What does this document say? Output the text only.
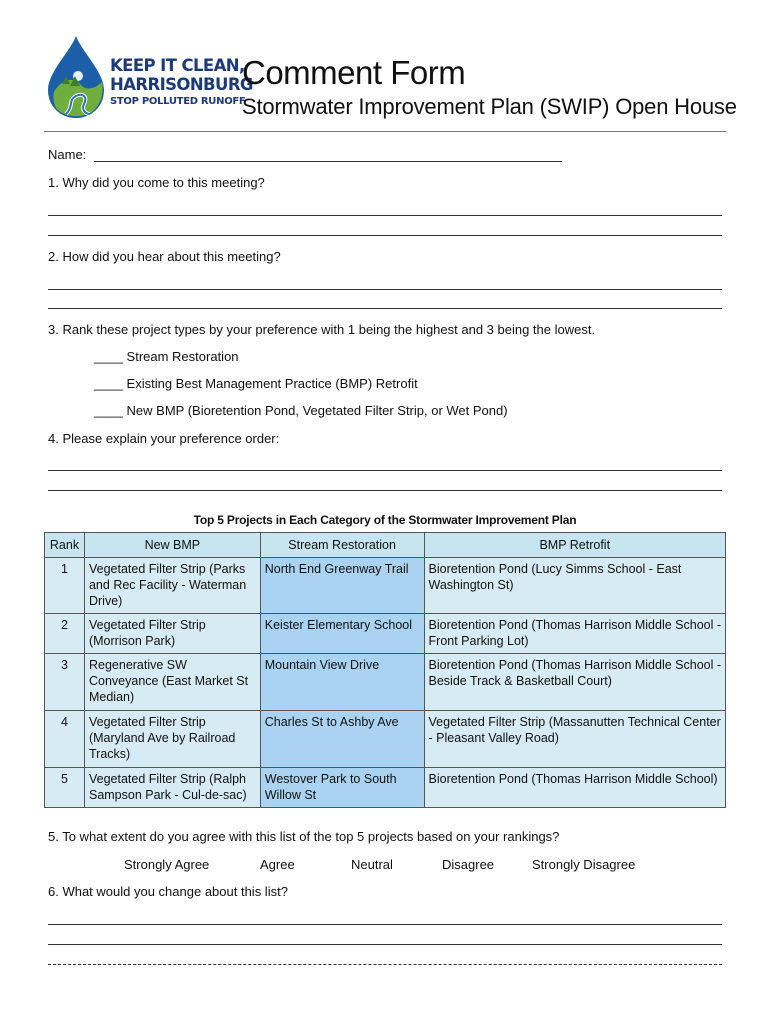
KEEP IT CLEAN,
HARRISONBURG
STOP POLLUTED RUNOFF
Comment Form
Stormwater Improvement Plan (SWIP) Open House
Name:
1. Why did you come to this meeting?
2. How did you hear about this meeting?
3. Rank these project types by your preference with 1 being the highest and 3 being the lowest.
____ Stream Restoration
____ Existing Best Management Practice (BMP) Retrofit
____ New BMP (Bioretention Pond, Vegetated Filter Strip, or Wet Pond)
4. Please explain your preference order:
Top 5 Projects in Each Category of the Stormwater Improvement Plan
Rank	New BMP	Stream Restoration	BMP Retrofit
1	Vegetated Filter Strip (Parks and Rec Facility - Waterman Drive)	North End Greenway Trail	Bioretention Pond (Lucy Simms School - East Washington St)
2	Vegetated Filter Strip (Morrison Park)	Keister Elementary School	Bioretention Pond (Thomas Harrison Middle School - Front Parking Lot)
3	Regenerative SW Conveyance (East Market St Median)	Mountain View Drive	Bioretention Pond (Thomas Harrison Middle School - Beside Track & Basketball Court)
4	Vegetated Filter Strip (Maryland Ave by Railroad Tracks)	Charles St to Ashby Ave	Vegetated Filter Strip (Massanutten Technical Center - Pleasant Valley Road)
5	Vegetated Filter Strip (Ralph Sampson Park - Cul-de-sac)	Westover Park to South Willow St	Bioretention Pond (Thomas Harrison Middle School)
5. To what extent do you agree with this list of the top 5 projects based on your rankings?
Strongly Agree	Agree	Neutral	Disagree	Strongly Disagree
6. What would you change about this list?
